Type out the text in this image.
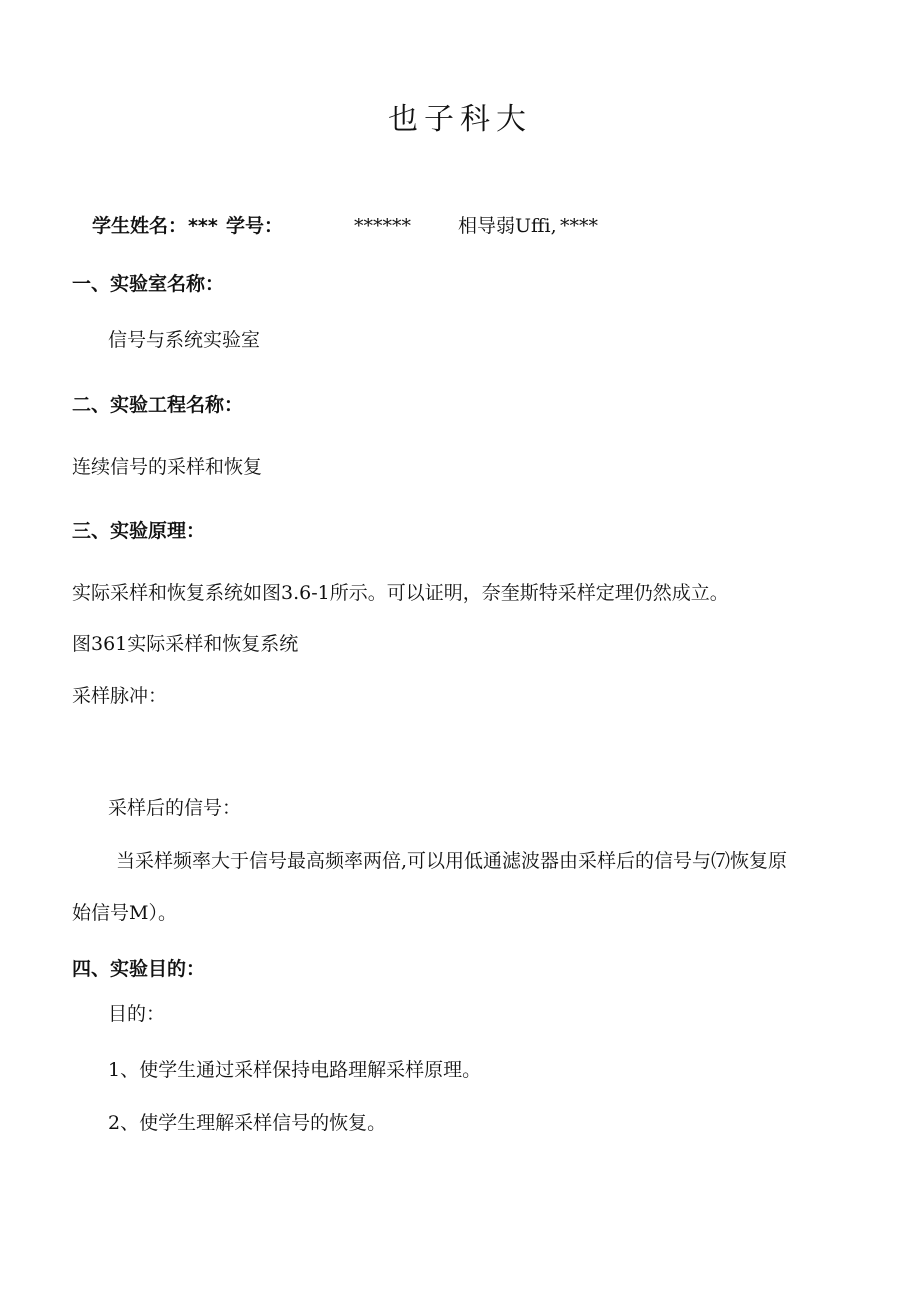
也子科大
学生姓名： *** 学号：	****** 相导弱Uffi, ****
一、实验室名称：
信号与系统实验室
二、实验工程名称：
连续信号的采样和恢复
三、实验原理：
实际采样和恢复系统如图3.6-1所示。可以证明，奈奎斯特采样定理仍然成立。
图361实际采样和恢复系统
采样脉冲：
采样后的信号：
当采样频率大于信号最高频率两倍,可以用低通滤波器由采样后的信号与⑺恢复原
始信号M）。
四、实验目的：
目的：
1、使学生通过采样保持电路理解采样原理。
2、使学生理解采样信号的恢复。
